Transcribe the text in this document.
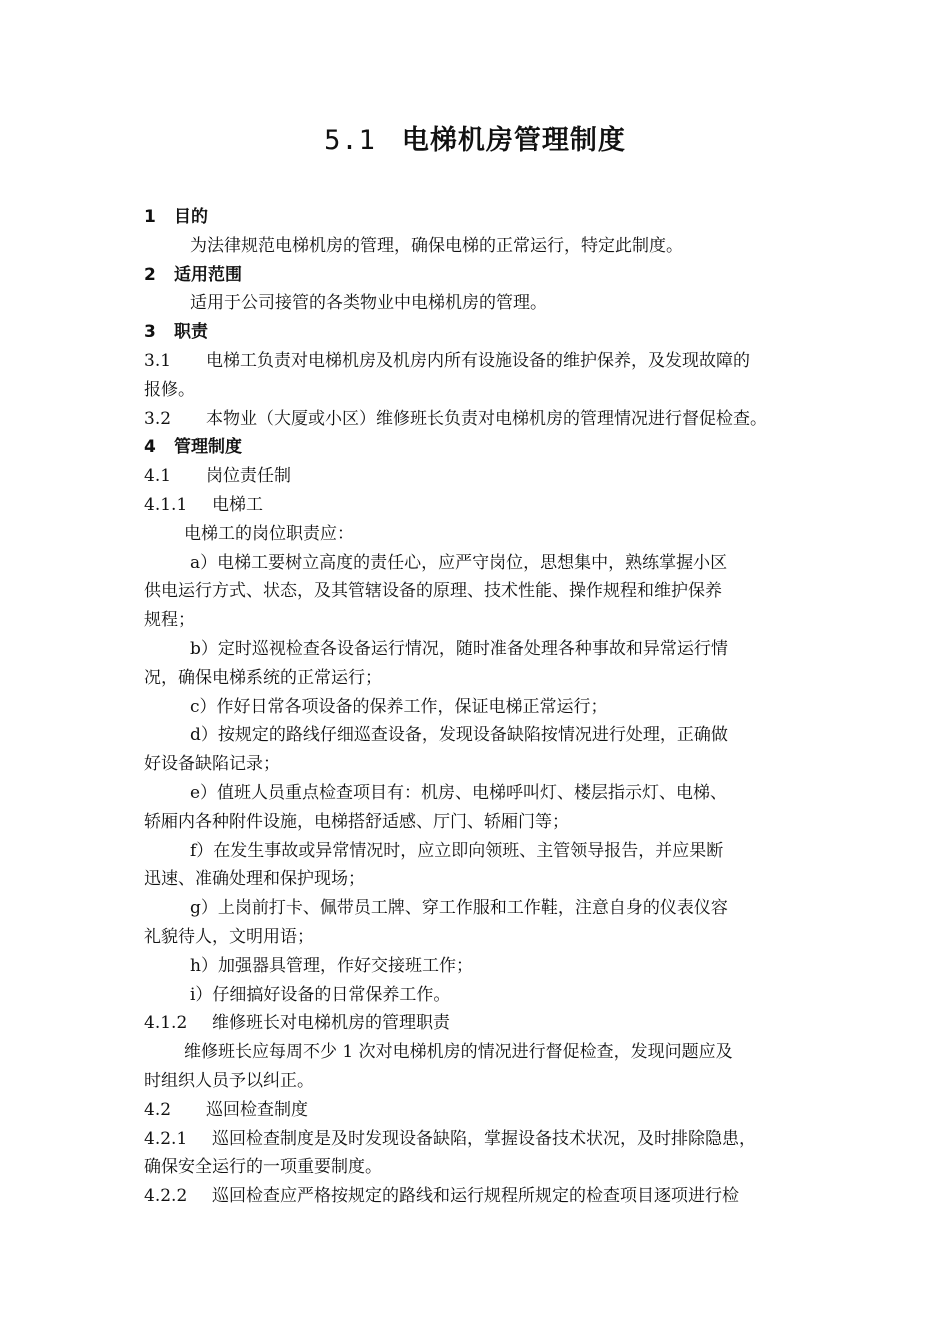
5.1 电梯机房管理制度
1 目的
为法律规范电梯机房的管理，确保电梯的正常运行，特定此制度。
2 适用范围
适用于公司接管的各类物业中电梯机房的管理。
3 职责
3.1 电梯工负责对电梯机房及机房内所有设施设备的维护保养，及发现故障的
报修。
3.2 本物业（大厦或小区）维修班长负责对电梯机房的管理情况进行督促检查。
4 管理制度
4.1 岗位责任制
4.1.1 电梯工
电梯工的岗位职责应：
a）电梯工要树立高度的责任心，应严守岗位，思想集中，熟练掌握小区
供电运行方式、状态，及其管辖设备的原理、技术性能、操作规程和维护保养
规程；
b）定时巡视检查各设备运行情况，随时准备处理各种事故和异常运行情
况，确保电梯系统的正常运行；
c）作好日常各项设备的保养工作，保证电梯正常运行；
d）按规定的路线仔细巡查设备，发现设备缺陷按情况进行处理，正确做
好设备缺陷记录；
e）值班人员重点检查项目有：机房、电梯呼叫灯、楼层指示灯、电梯、
轿厢内各种附件设施，电梯搭舒适感、厅门、轿厢门等；
f）在发生事故或异常情况时，应立即向领班、主管领导报告，并应果断
迅速、准确处理和保护现场；
g）上岗前打卡、佩带员工牌、穿工作服和工作鞋，注意自身的仪表仪容
礼貌待人，文明用语；
h）加强器具管理，作好交接班工作；
i）仔细搞好设备的日常保养工作。
4.1.2 维修班长对电梯机房的管理职责
维修班长应每周不少 1 次对电梯机房的情况进行督促检查，发现问题应及
时组织人员予以纠正。
4.2 巡回检查制度
4.2.1 巡回检查制度是及时发现设备缺陷，掌握设备技术状况，及时排除隐患，
确保安全运行的一项重要制度。
4.2.2 巡回检查应严格按规定的路线和运行规程所规定的检查项目逐项进行检
